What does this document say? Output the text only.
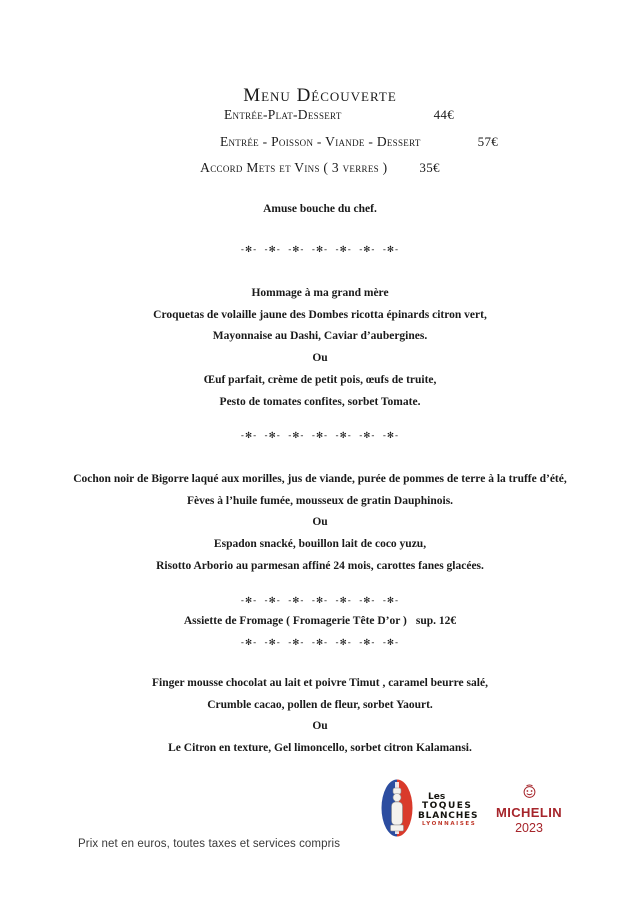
Menu Découverte
Entrée-Plat-Dessert	44€
Entrée - Poisson - Viande - Dessert	57€
Accord Mets et Vins ( 3 verres ) 35€
Amuse bouche du chef.
-✻-  -✻-  -✻-  -✻-  -✻-  -✻-  -✻-

Hommage à ma grand mère

Croquetas de volaille jaune des Dombes ricotta épinards citron vert,

Mayonnaise au Dashi, Caviar d’aubergines.

Ou

Œuf parfait, crème de petit pois, œufs de truite,

Pesto de tomates confites, sorbet Tomate.

-✻-  -✻-  -✻-  -✻-  -✻-  -✻-  -✻-

Cochon noir de Bigorre laqué aux morilles, jus de viande, purée de pommes de terre à la truffe d’été,

Fèves à l’huile fumée, mousseux de gratin Dauphinois.

Ou

Espadon snacké, bouillon lait de coco yuzu,

Risotto Arborio au parmesan affiné 24 mois, carottes fanes glacées.

-✻-  -✻-  -✻-  -✻-  -✻-  -✻-  -✻-
Assiette de Fromage ( Fromagerie Tête D’or ) sup. 12€
-✻-  -✻-  -✻-  -✻-  -✻-  -✻-  -✻-

Finger mousse chocolat au lait et poivre Timut , caramel beurre salé,

Crumble cacao, pollen de fleur, sorbet Yaourt.

Ou

Le Citron en texture, Gel limoncello, sorbet citron Kalamansi.

Les
TOQUES
BLANCHES
LYONNAISES
MICHELIN
2023
Prix net en euros, toutes taxes et services compris
